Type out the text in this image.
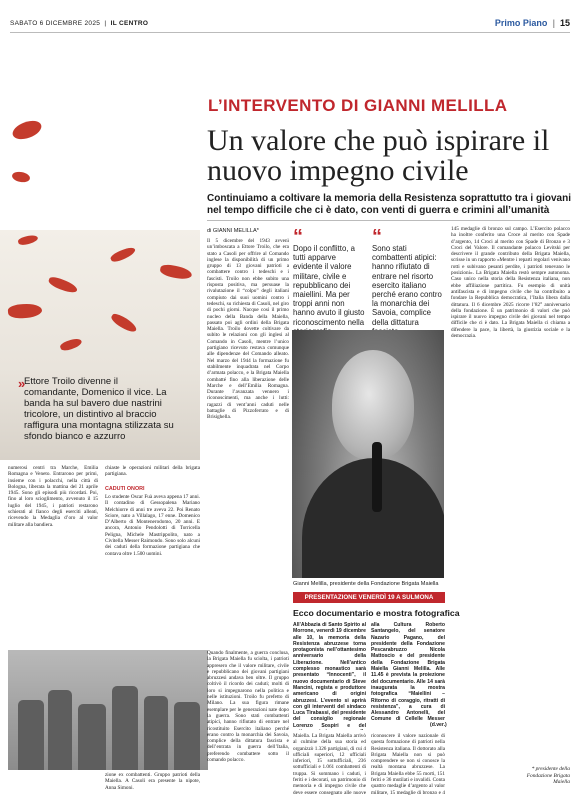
SABATO 6 DICEMBRE 2025  |  IL CENTRO	Primo Piano  |  15
»
Ettore Troilo divenne il comandante, Domenico il vice. La banda ha sul bavero due nastrini tricolore, un distintivo al braccio raffigura una montagna stilizzata su sfondo bianco e azzurro
L’INTERVENTO DI GIANNI MELILLA
Un valore che può ispirare il nuovo impegno civile
Continuiamo a coltivare la memoria della Resistenza soprattutto tra i giovani nel tempo difficile che ci è dato, con venti di guerra e crimini all’umanità
di GIANNI MELILLA*
Il 5 dicembre del 1943 avvenì un’imboscata a Ettore Troilo, che era stato a Casoli per offrire al Comando inglese la disponibilità di un primo gruppo di 13 giovani patrioti a combattere contro i tedeschi e i fascisti. Troilo non ebbe subito una risposta positiva, ma persuase la rivalutazione il “colpo” degli italiani compiuto dai suoi uomini contro i tedeschi, su richiesta di Casoli, nel giro di pochi giorni. Nacque così il primo nucleo della Banda della Maiella, passato poi agli ordini della Brigata Maiella. Troilo dovette coltivare da subito le relazioni con gli inglesi al Comando in Casoli, mentre l’unico partigiano ricevuto restava comunque alle dipendenze del Comando alleato. Nel marzo del 1944 la formazione fu stabilmente inquadrata nel Corpo d’armata polacco, e la Brigata Maiella combatté fino alla liberazione delle Marche e dell’Emilia Romagna. Durante l’avanzata vennero i riconoscimenti, ma anche i lutti: ragazzi di vent’anni caduti nelle battaglie di Pizzoferrato e di Brisighella.
numerosi centri tra Marche, Emilia Romagna e Veneto. Entrarono per primi, insieme con i polacchi, nella città di Bologna, liberata la mattina del 21 aprile 1945. Sono gli episodi più ricordati. Poi, fino al loro scioglimento, avvenuto il 15 luglio del 1945, i patrioti restarono schierati al fianco degli eserciti alleati, ricevendo la Medaglia d’oro al valor militare alla bandiera.
chiaste le operazioni militari della brigata partigiana.
CADUTI ONORI
Lo studente Oscar Fuà aveva appena 17 anni. Il contadino di Gessopalena Mariano Melchiorre di anni tre aveva 22. Poi Renato Sciore, nato a Villalago, 17 enne. Domenico D’Alberto di Montenerodomo, 20 anni. E ancora, Antonio Pendolotti di Torricella Peligna, Michele Mastrippolito, nato a Civitella Messer Raimondo. Sono solo alcuni dei caduti della formazione partigiana che contava oltre 1.500 uomini.
zione ex combattenti. Gruppo patrioti della Maiella. A Casoli era presente la nipote, Anna Simoni.
Quando finalmente, a guerra conclusa, la Brigata Maiella fu sciolta, i patrioti appresero che il valore militare, civile e repubblicano dei giovani partigiani abruzzesi andava ben oltre. Il gruppo coltivò il ricordo dei caduti; molti di loro si impegnarono nella politica e nelle istituzioni. Troilo fu prefetto di Milano. La sua figura rimane esemplare per le generazioni nate dopo la guerra. Sono stati combattenti atipici, hanno rifiutato di entrare nel ricostituito Esercito italiano perché erano contro la monarchia dei Savoia, complice della dittatura fascista e dell’entrata in guerra dell’Italia, preferendo combattere sotto il comando polacco.
“
Dopo il conflitto, a tutti apparve evidente il valore militare, civile e repubblicano dei maiellini. Ma per troppi anni non hanno avuto il giusto riconoscimento nella
“
Sono stati combattenti atipici: hanno rifiutato di entrare nel risorto esercito italiano perché erano contro la monarchia dei Savoia, complice della dittatura
Gianni Melilla, presidente della Fondazione Brigata Maiella
PRESENTAZIONE VENERDÌ 19 A SULMONA
Ecco documentario e mostra fotografica
All’Abbazia di Santo Spirito al Morrone, venerdì 19 dicembre alle 10, la memoria della Resistenza abruzzese torna protagonista nell’ottantesimo anniversario della Liberazione. Nell’antico complesso monastico sarà presentato “Innocenti”, il nuovo documentario di Steve Mancini, regista e produttore americano di origini abruzzesi. L’evento si aprirà con gli interventi del sindaco Luca Tirabassi, del presidente del consiglio regionale Lorenzo Sospiri e del
alla Cultura Roberto Santangelo, del senatore Nazario Pagano, del presidente della Fondazione Pescarabruzzo Nicola Mattoscio e del presidente della Fondazione Brigata Maiella Gianni Melilla. Alle 11.45 è prevista la proiezione del documentario. Alle 14 sarà inaugurata la mostra fotografica “Maiellini – Ritorno di coraggio, ritratti di resistenza”, a cura di Alessandro Antonelli, del Comune di Cellelle Messer
(d.ver.)
Maiella. La Brigata Maiella arrivò al culmine della sua storia ed organizzò 1.326 partigiani, di cui 4 ufficiali superiori, 12 ufficiali inferiori, 15 sottufficiali, 236 sottufficiali e 1.061 combattenti di truppa. Si sommano i caduti, i feriti e i decorati, un patrimonio di memoria e di impegno civile che deve essere consegnato alle nuove
riconoscere il valore nazionale di questa formazione di patrioti nella Resistenza italiana. Il dottorato alla Brigata Maiella non si può comprendere se non si conosce la realtà montana abruzzese. La Brigata Maiella ebbe 55 morti, 151 feriti e 36 mutilati e invalidi. Conta quattro medaglie d’argento al valor militare, 15 medaglie di bronzo e 4
145 medaglie di bronzo sul campo. L’Esercito polacco ha inoltre conferito una Croce al merito con Spade d’argento, 14 Croci al merito con Spade di Bronzo e 3 Croci del Valore. Il comandante polacco Levitski per descrivere il grande contributo della Brigata Maiella, scrisse in un rapporto «Mentre i reparti regolari venivano rotti e subivano pesanti perdite, i patrioti tenevano le posizioni». La Brigata Maiella restò sempre autonoma. Caso unico nella storia della Resistenza italiana, non ebbe affiliazione partitica. Fu esempio di unità antifascista e di impegno civile che ha contribuito a fondare la Repubblica democratica, l’Italia libera dalla dittatura. Il 6 dicembre 2025 ricorre l’82° anniversario della fondazione. È un patrimonio di valori che può ispirare il nuovo impegno civile dei giovani nel tempo difficile che ci è dato. La Brigata Maiella ci chiama a difendere la pace, la libertà, la giustizia sociale e la democrazia.
* presidente della Fondazione Brigata Maiella
